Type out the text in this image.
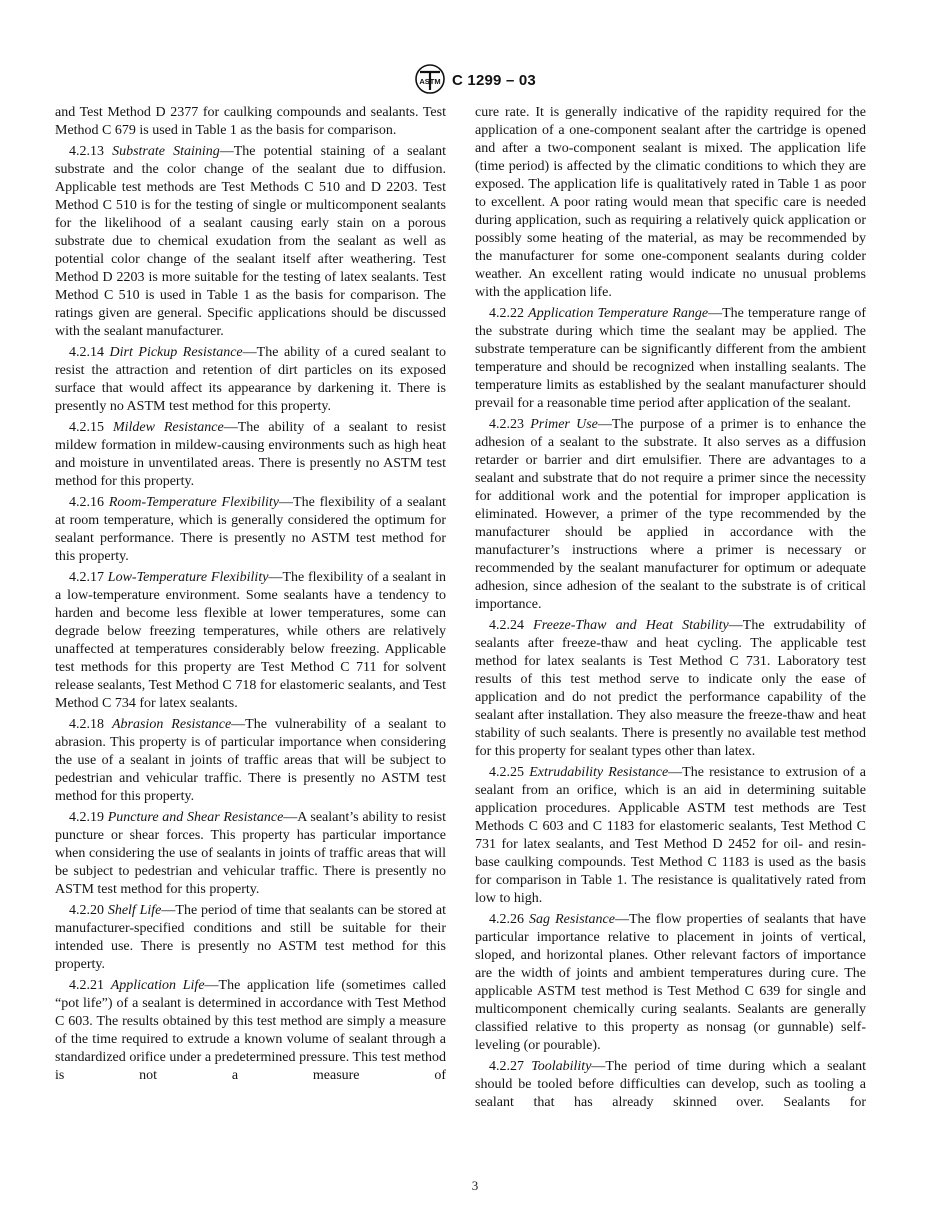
ASTM C 1299 – 03

and Test Method D 2377 for caulking compounds and sealants. Test Method C 679 is used in Table 1 as the basis for comparison.

4.2.13 Substrate Staining—The potential staining of a sealant substrate and the color change of the sealant due to diffusion. Applicable test methods are Test Methods C 510 and D 2203. Test Method C 510 is for the testing of single or multicomponent sealants for the likelihood of a sealant causing early stain on a porous substrate due to chemical exudation from the sealant as well as potential color change of the sealant itself after weathering. Test Method D 2203 is more suitable for the testing of latex sealants. Test Method C 510 is used in Table 1 as the basis for comparison. The ratings given are general. Specific applications should be discussed with the sealant manufacturer.

4.2.14 Dirt Pickup Resistance—The ability of a cured sealant to resist the attraction and retention of dirt particles on its exposed surface that would affect its appearance by darkening it. There is presently no ASTM test method for this property.

4.2.15 Mildew Resistance—The ability of a sealant to resist mildew formation in mildew-causing environments such as high heat and moisture in unventilated areas. There is presently no ASTM test method for this property.

4.2.16 Room-Temperature Flexibility—The flexibility of a sealant at room temperature, which is generally considered the optimum for sealant performance. There is presently no ASTM test method for this property.

4.2.17 Low-Temperature Flexibility—The flexibility of a sealant in a low-temperature environment. Some sealants have a tendency to harden and become less flexible at lower temperatures, some can degrade below freezing temperatures, while others are relatively unaffected at temperatures considerably below freezing. Applicable test methods for this property are Test Method C 711 for solvent release sealants, Test Method C 718 for elastomeric sealants, and Test Method C 734 for latex sealants.

4.2.18 Abrasion Resistance—The vulnerability of a sealant to abrasion. This property is of particular importance when considering the use of a sealant in joints of traffic areas that will be subject to pedestrian and vehicular traffic. There is presently no ASTM test method for this property.

4.2.19 Puncture and Shear Resistance—A sealant’s ability to resist puncture or shear forces. This property has particular importance when considering the use of sealants in joints of traffic areas that will be subject to pedestrian and vehicular traffic. There is presently no ASTM test method for this property.

4.2.20 Shelf Life—The period of time that sealants can be stored at manufacturer-specified conditions and still be suitable for their intended use. There is presently no ASTM test method for this property.

4.2.21 Application Life—The application life (sometimes called “pot life”) of a sealant is determined in accordance with Test Method C 603. The results obtained by this test method are simply a measure of the time required to extrude a known volume of sealant through a standardized orifice under a predetermined pressure. This test method is not a measure of

cure rate. It is generally indicative of the rapidity required for the application of a one-component sealant after the cartridge is opened and after a two-component sealant is mixed. The application life (time period) is affected by the climatic conditions to which they are exposed. The application life is qualitatively rated in Table 1 as poor to excellent. A poor rating would mean that specific care is needed during application, such as requiring a relatively quick application or possibly some heating of the material, as may be recommended by the manufacturer for some one-component sealants during colder weather. An excellent rating would indicate no unusual problems with the application life.

4.2.22 Application Temperature Range—The temperature range of the substrate during which time the sealant may be applied. The substrate temperature can be significantly different from the ambient temperature and should be recognized when installing sealants. The temperature limits as established by the sealant manufacturer should prevail for a reasonable time period after application of the sealant.

4.2.23 Primer Use—The purpose of a primer is to enhance the adhesion of a sealant to the substrate. It also serves as a diffusion retarder or barrier and dirt emulsifier. There are advantages to a sealant and substrate that do not require a primer since the necessity for additional work and the potential for improper application is eliminated. However, a primer of the type recommended by the manufacturer should be applied in accordance with the manufacturer’s instructions where a primer is necessary or recommended by the sealant manufacturer for optimum or adequate adhesion, since adhesion of the sealant to the substrate is of critical importance.

4.2.24 Freeze-Thaw and Heat Stability—The extrudability of sealants after freeze-thaw and heat cycling. The applicable test method for latex sealants is Test Method C 731. Laboratory test results of this test method serve to indicate only the ease of application and do not predict the performance capability of the sealant after installation. They also measure the freeze-thaw and heat stability of such sealants. There is presently no available test method for this property for sealant types other than latex.

4.2.25 Extrudability Resistance—The resistance to extrusion of a sealant from an orifice, which is an aid in determining suitable application procedures. Applicable ASTM test methods are Test Methods C 603 and C 1183 for elastomeric sealants, Test Method C 731 for latex sealants, and Test Method D 2452 for oil- and resin-base caulking compounds. Test Method C 1183 is used as the basis for comparison in Table 1. The resistance is qualitatively rated from low to high.

4.2.26 Sag Resistance—The flow properties of sealants that have particular importance relative to placement in joints of vertical, sloped, and horizontal planes. Other relevant factors of importance are the width of joints and ambient temperatures during cure. The applicable ASTM test method is Test Method C 639 for single and multicomponent chemically curing sealants. Sealants are generally classified relative to this property as nonsag (or gunnable) self-leveling (or pourable).

4.2.27 Toolability—The period of time during which a sealant should be tooled before difficulties can develop, such as tooling a sealant that has already skinned over. Sealants for

3
